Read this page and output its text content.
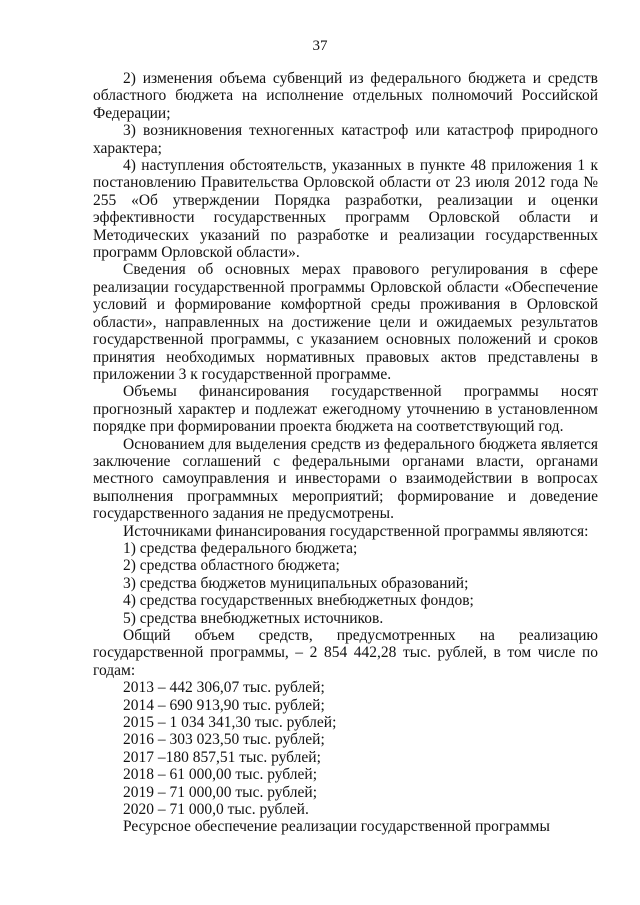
37

2) изменения объема субвенций из федерального бюджета и средств областного бюджета на исполнение отдельных полномочий Российской Федерации;

3) возникновения техногенных катастроф или катастроф природного характера;

4) наступления обстоятельств, указанных в пункте 48 приложения 1 к постановлению Правительства Орловской области от 23 июля 2012 года № 255 «Об утверждении Порядка разработки, реализации и оценки эффективности государственных программ Орловской области и Методических указаний по разработке и реализации государственных программ Орловской области».

Сведения об основных мерах правового регулирования в сфере реализации государственной программы Орловской области «Обеспечение условий и формирование комфортной среды проживания в Орловской области», направленных на достижение цели и ожидаемых результатов государственной программы, с указанием основных положений и сроков принятия необходимых нормативных правовых актов представлены в приложении 3 к государственной программе.

Объемы финансирования государственной программы носят прогнозный характер и подлежат ежегодному уточнению в установленном порядке при формировании проекта бюджета на соответствующий год.

Основанием для выделения средств из федерального бюджета является заключение соглашений с федеральными органами власти, органами местного самоуправления и инвесторами о взаимодействии в вопросах выполнения программных мероприятий; формирование и доведение государственного задания не предусмотрены.

Источниками финансирования государственной программы являются:

1) средства федерального бюджета;

2) средства областного бюджета;

3) средства бюджетов муниципальных образований;

4) средства государственных внебюджетных фондов;

5) средства внебюджетных источников.

Общий объем средств, предусмотренных на реализацию государственной программы, – 2 854 442,28 тыс. рублей, в том числе по годам:

2013 – 442 306,07 тыс. рублей;

2014 – 690 913,90 тыс. рублей;

2015 – 1 034 341,30 тыс. рублей;

2016 – 303 023,50 тыс. рублей;

2017 –180 857,51 тыс. рублей;

2018 – 61 000,00 тыс. рублей;

2019 – 71 000,00 тыс. рублей;

2020 – 71 000,0 тыс. рублей.

Ресурсное обеспечение реализации государственной программы
